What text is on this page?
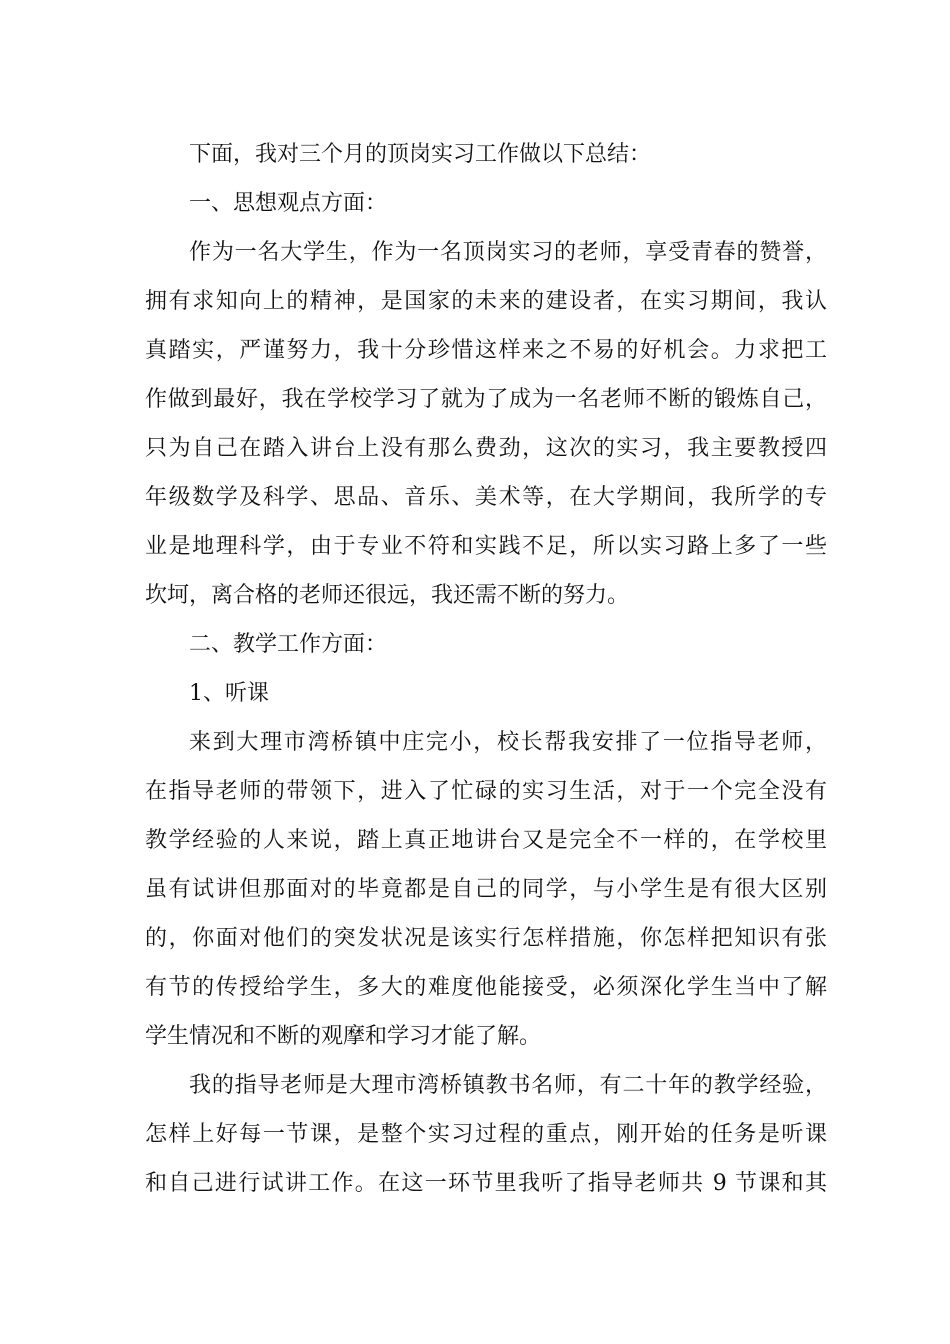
下面，我对三个月的顶岗实习工作做以下总结：
一、思想观点方面：
作为一名大学生，作为一名顶岗实习的老师，享受青春的赞誉，
拥有求知向上的精神，是国家的未来的建设者，在实习期间，我认
真踏实，严谨努力，我十分珍惜这样来之不易的好机会。力求把工
作做到最好，我在学校学习了就为了成为一名老师不断的锻炼自己，
只为自己在踏入讲台上没有那么费劲，这次的实习，我主要教授四
年级数学及科学、思品、音乐、美术等，在大学期间，我所学的专
业是地理科学，由于专业不符和实践不足，所以实习路上多了一些
坎坷，离合格的老师还很远，我还需不断的努力。
二、教学工作方面：
1、听课
来到大理市湾桥镇中庄完小，校长帮我安排了一位指导老师，
在指导老师的带领下，进入了忙碌的实习生活，对于一个完全没有
教学经验的人来说，踏上真正地讲台又是完全不一样的，在学校里
虽有试讲但那面对的毕竟都是自己的同学，与小学生是有很大区别
的，你面对他们的突发状况是该实行怎样措施，你怎样把知识有张
有节的传授给学生，多大的难度他能接受，必须深化学生当中了解
学生情况和不断的观摩和学习才能了解。
我的指导老师是大理市湾桥镇教书名师，有二十年的教学经验，
怎样上好每一节课，是整个实习过程的重点，刚开始的任务是听课
和自己进行试讲工作。在这一环节里我听了指导老师共 9 节课和其
